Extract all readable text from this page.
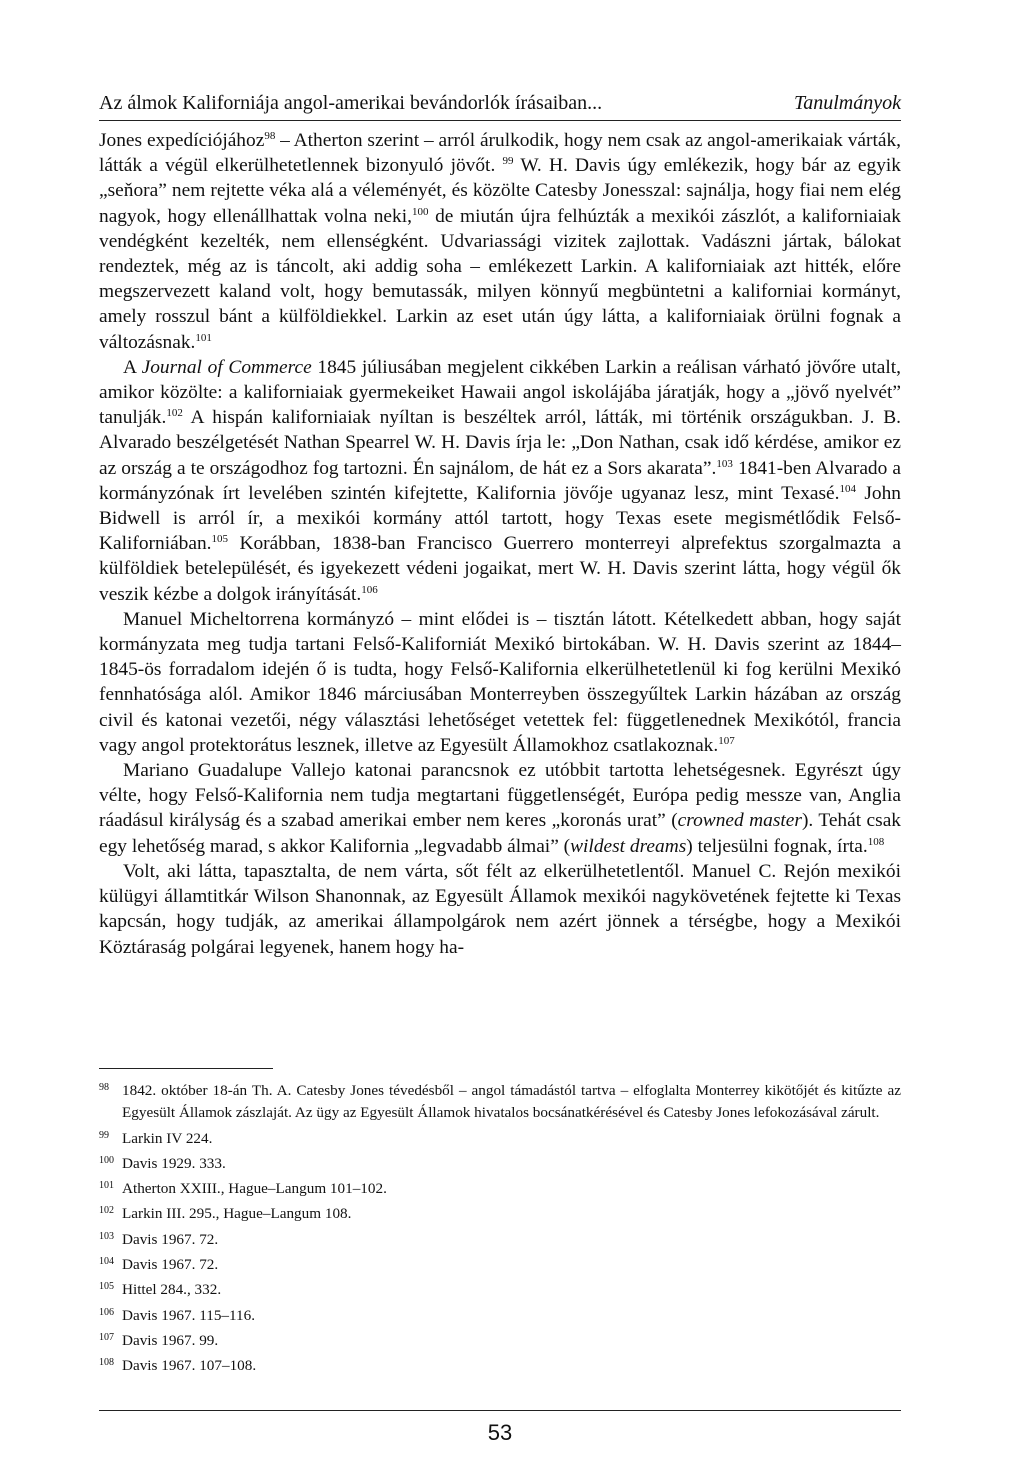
Az álmok Kaliforniája angol-amerikai bevándorlók írásaiban...	Tanulmányok

Jones expedíciójához$^{98}$ – Atherton szerint – arról árulkodik, hogy nem csak az angol-amerikaiak várták, látták a végül elkerülhetetlennek bizonyuló jövőt. $^{99}$ W. H. Davis úgy emlékezik, hogy bár az egyik „seňora” nem rejtette véka alá a véleményét, és közölte Catesby Jonesszal: sajnálja, hogy fiai nem elég nagyok, hogy ellenállhattak volna neki,$^{100}$ de miután újra felhúzták a mexikói zászlót, a kaliforniaiak vendégként kezelték, nem ellenségként. Udvariassági vizitek zajlottak. Vadászni jártak, bálokat rendeztek, még az is táncolt, aki addig soha – emlékezett Larkin. A kaliforniaiak azt hitték, előre megszervezett kaland volt, hogy bemutassák, milyen könnyű megbüntetni a kaliforniai kormányt, amely rosszul bánt a külföldiekkel. Larkin az eset után úgy látta, a kaliforniaiak örülni fognak a változásnak.$^{101}$

A Journal of Commerce 1845 júliusában megjelent cikkében Larkin a reálisan várható jövőre utalt, amikor közölte: a kaliforniaiak gyermekeiket Hawaii angol iskolájába járatják, hogy a „jövő nyelvét” tanulják.$^{102}$ A hispán kaliforniaiak nyíltan is beszéltek arról, látták, mi történik országukban. J. B. Alvarado beszélgetését Nathan Spearrel W. H. Davis írja le: „Don Nathan, csak idő kérdése, amikor ez az ország a te országodhoz fog tartozni. Én sajnálom, de hát ez a Sors akarata”.$^{103}$ 1841-ben Alvarado a kormányzónak írt levelében szintén kifejtette, Kalifornia jövője ugyanaz lesz, mint Texasé.$^{104}$ John Bidwell is arról ír, a mexikói kormány attól tartott, hogy Texas esete megismétlődik Felső-Kaliforniában.$^{105}$ Korábban, 1838-ban Francisco Guerrero monterreyi alprefektus szorgalmazta a külföldiek betelepülését, és igyekezett védeni jogaikat, mert W. H. Davis szerint látta, hogy végül ők veszik kézbe a dolgok irányítását.$^{106}$

Manuel Micheltorrena kormányzó – mint elődei is – tisztán látott. Kételkedett abban, hogy saját kormányzata meg tudja tartani Felső-Kaliforniát Mexikó birtokában. W. H. Davis szerint az 1844–1845-ös forradalom idején ő is tudta, hogy Felső-Kalifornia elkerülhetetlenül ki fog kerülni Mexikó fennhatósága alól. Amikor 1846 márciusában Monterreyben összegyűltek Larkin házában az ország civil és katonai vezetői, négy választási lehetőséget vetettek fel: függetlenednek Mexikótól, francia vagy angol protektorátus lesznek, illetve az Egyesült Államokhoz csatlakoznak.$^{107}$

Mariano Guadalupe Vallejo katonai parancsnok ez utóbbit tartotta lehetségesnek. Egyrészt úgy vélte, hogy Felső-Kalifornia nem tudja megtartani függetlenségét, Európa pedig messze van, Anglia ráadásul királyság és a szabad amerikai ember nem keres „koronás urat” (crowned master). Tehát csak egy lehetőség marad, s akkor Kalifornia „legvadabb álmai” (wildest dreams) teljesülni fognak, írta.$^{108}$

Volt, aki látta, tapasztalta, de nem várta, sőt félt az elkerülhetetlentől. Manuel C. Rejón mexikói külügyi államtitkár Wilson Shanonnak, az Egyesült Államok mexikói nagykövetének fejtette ki Texas kapcsán, hogy tudják, az amerikai állampolgárok nem azért jönnek a térségbe, hogy a Mexikói Köztáraság polgárai legyenek, hanem hogy ha-

$^{98}$ 1842. október 18-án Th. A. Catesby Jones tévedésből – angol támadástól tartva – elfoglalta Monterrey kikötőjét és kitűzte az Egyesült Államok zászlaját. Az ügy az Egyesült Államok hivatalos bocsánatkérésével és Catesby Jones lefokozásával zárult.

$^{99}$ Larkin IV 224.

$^{100}$ Davis 1929. 333.

$^{101}$ Atherton XXIII., Hague–Langum 101–102.

$^{102}$ Larkin III. 295., Hague–Langum 108.

$^{103}$ Davis 1967. 72.

$^{104}$ Davis 1967. 72.

$^{105}$ Hittel 284., 332.

$^{106}$ Davis 1967. 115–116.

$^{107}$ Davis 1967. 99.

$^{108}$ Davis 1967. 107–108.

53
